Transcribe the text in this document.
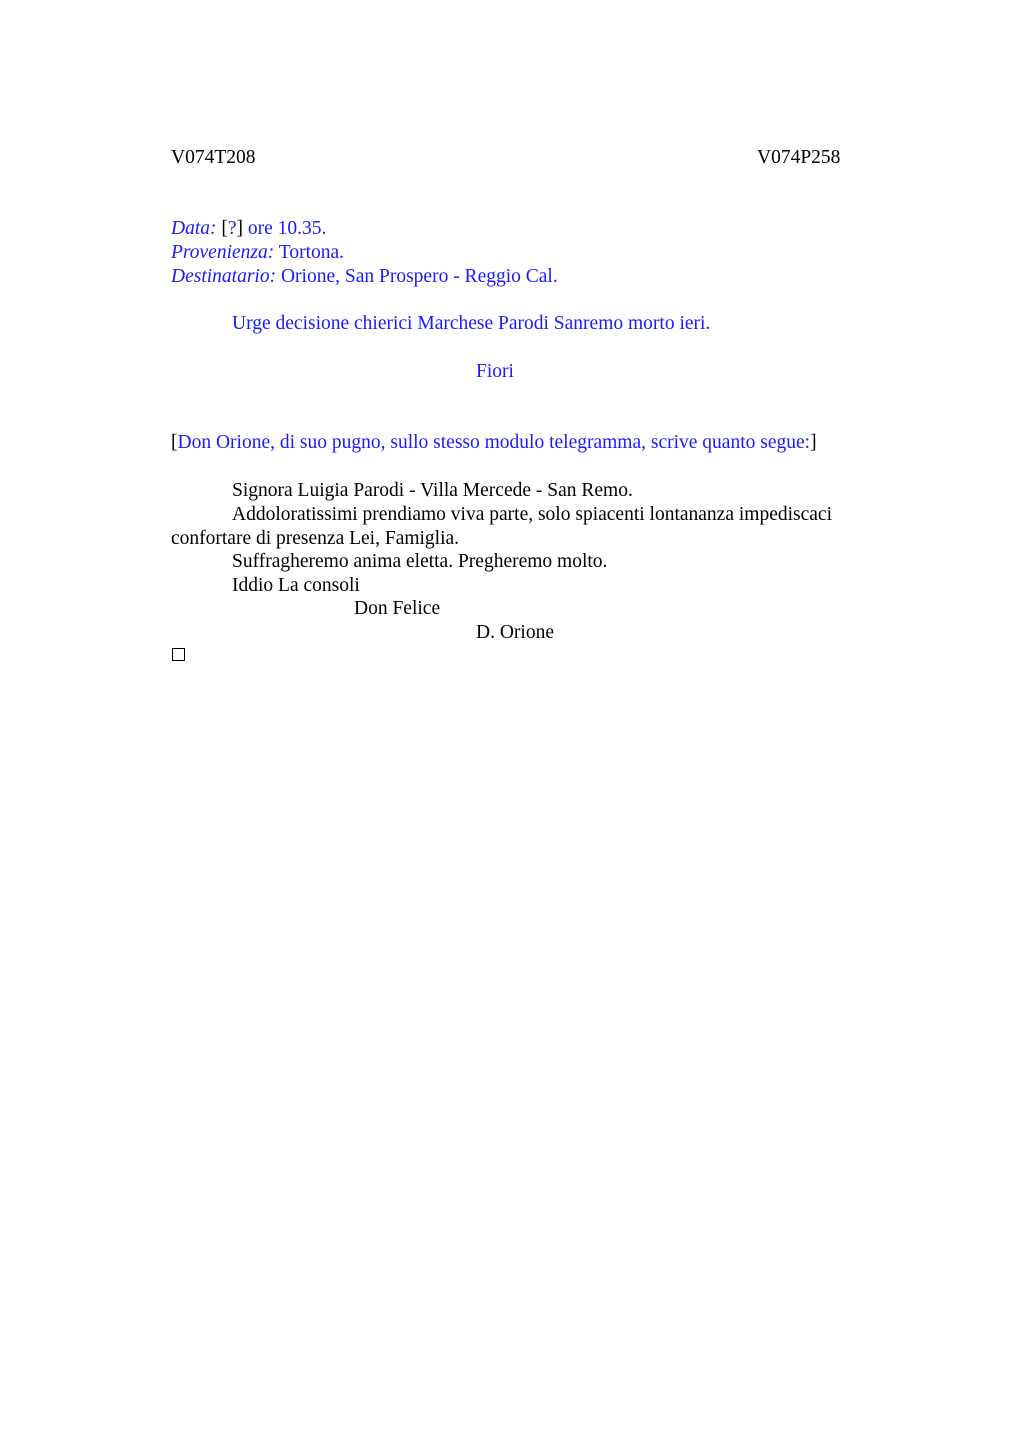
V074T208	V074P258
Data: [?] ore 10.35.
Provenienza: Tortona.
Destinatario: Orione, San Prospero - Reggio Cal.
Urge decisione chierici Marchese Parodi Sanremo morto ieri.
Fiori
[Don Orione, di suo pugno, sullo stesso modulo telegramma, scrive quanto segue:]
Signora Luigia Parodi - Villa Mercede - San Remo.
Addoloratissimi prendiamo viva parte, solo spiacenti lontananza impediscaci
confortare di presenza Lei, Famiglia.
Suffragheremo anima eletta. Pregheremo molto.
Iddio La consoli
Don Felice
D. Orione
